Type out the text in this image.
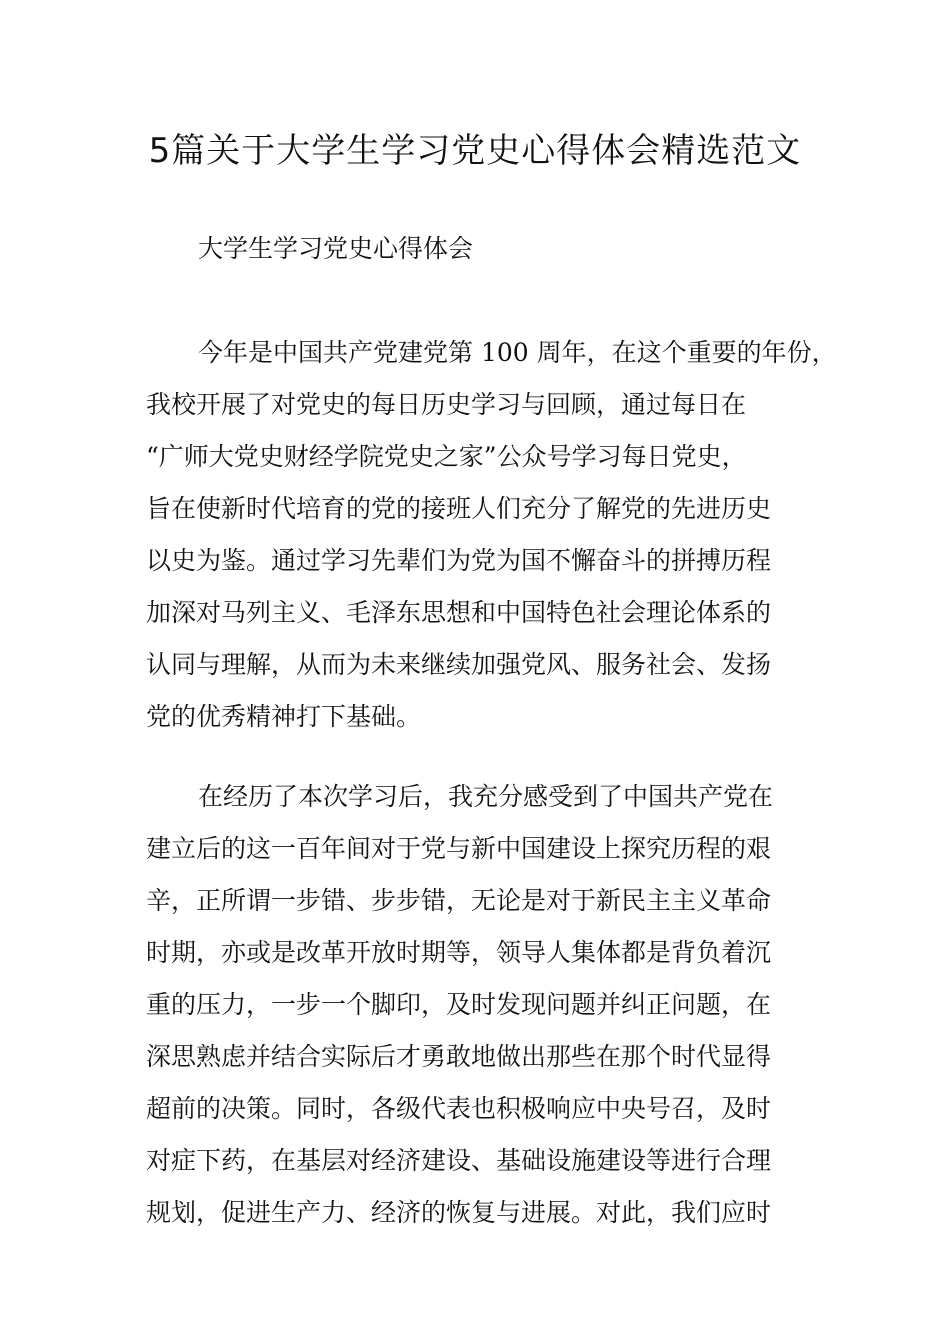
5篇关于大学生学习党史心得体会精选范文
大学生学习党史心得体会
今年是中国共产党建党第 100 周年，在这个重要的年份，
我校开展了对党史的每日历史学习与回顾，通过每日在
“广师大党史财经学院党史之家”公众号学习每日党史，
旨在使新时代培育的党的接班人们充分了解党的先进历史
以史为鉴。通过学习先辈们为党为国不懈奋斗的拼搏历程
加深对马列主义、毛泽东思想和中国特色社会理论体系的
认同与理解，从而为未来继续加强党风、服务社会、发扬
党的优秀精神打下基础。
在经历了本次学习后，我充分感受到了中国共产党在
建立后的这一百年间对于党与新中国建设上探究历程的艰
辛，正所谓一步错、步步错，无论是对于新民主主义革命
时期，亦或是改革开放时期等，领导人集体都是背负着沉
重的压力，一步一个脚印，及时发现问题并纠正问题，在
深思熟虑并结合实际后才勇敢地做出那些在那个时代显得
超前的决策。同时，各级代表也积极响应中央号召，及时
对症下药，在基层对经济建设、基础设施建设等进行合理
规划，促进生产力、经济的恢复与进展。对此，我们应时
